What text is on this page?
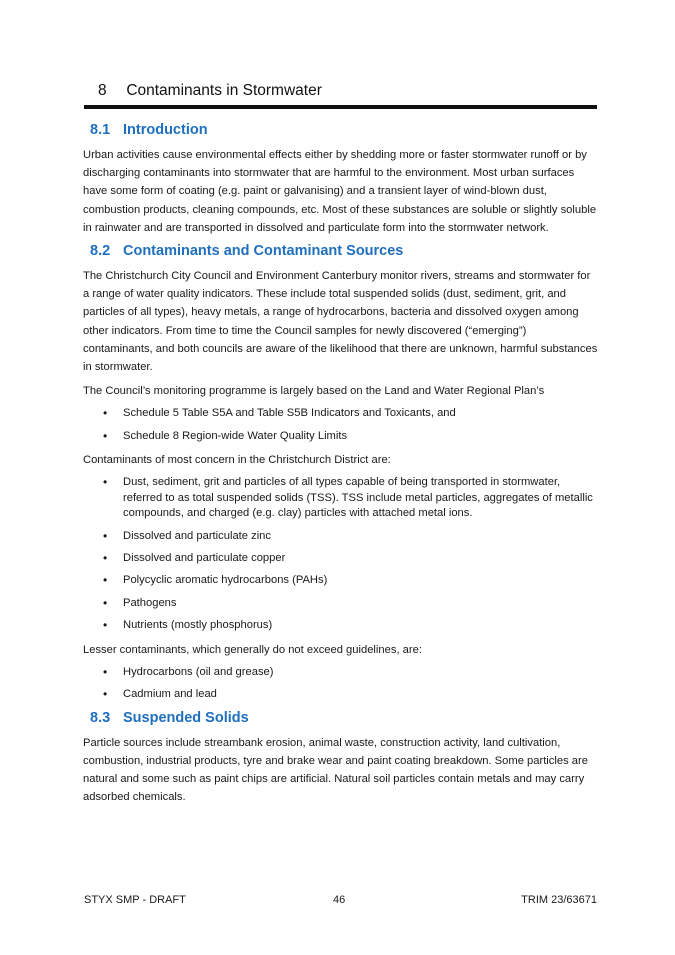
8 Contaminants in Stormwater
8.1 Introduction

Urban activities cause environmental effects either by shedding more or faster stormwater runoff or by discharging contaminants into stormwater that are harmful to the environment. Most urban surfaces have some form of coating (e.g. paint or galvanising) and a transient layer of wind-blown dust, combustion products, cleaning compounds, etc. Most of these substances are soluble or slightly soluble in rainwater and are transported in dissolved and particulate form into the stormwater network.

8.2 Contaminants and Contaminant Sources

The Christchurch City Council and Environment Canterbury monitor rivers, streams and stormwater for a range of water quality indicators. These include total suspended solids (dust, sediment, grit, and particles of all types), heavy metals, a range of hydrocarbons, bacteria and dissolved oxygen among other indicators. From time to time the Council samples for newly discovered (“emerging”) contaminants, and both councils are aware of the likelihood that there are unknown, harmful substances in stormwater.

The Council’s monitoring programme is largely based on the Land and Water Regional Plan’s

• Schedule 5 Table S5A and Table S5B Indicators and Toxicants, and
• Schedule 8 Region-wide Water Quality Limits

Contaminants of most concern in the Christchurch District are:

• Dust, sediment, grit and particles of all types capable of being transported in stormwater, referred to as total suspended solids (TSS). TSS include metal particles, aggregates of metallic compounds, and charged (e.g. clay) particles with attached metal ions.
• Dissolved and particulate zinc
• Dissolved and particulate copper
• Polycyclic aromatic hydrocarbons (PAHs)
• Pathogens
• Nutrients (mostly phosphorus)

Lesser contaminants, which generally do not exceed guidelines, are:

• Hydrocarbons (oil and grease)
• Cadmium and lead
8.3 Suspended Solids

Particle sources include streambank erosion, animal waste, construction activity, land cultivation, combustion, industrial products, tyre and brake wear and paint coating breakdown. Some particles are natural and some such as paint chips are artificial. Natural soil particles contain metals and may carry adsorbed chemicals.

STYX SMP - DRAFT	46	TRIM 23/63671
